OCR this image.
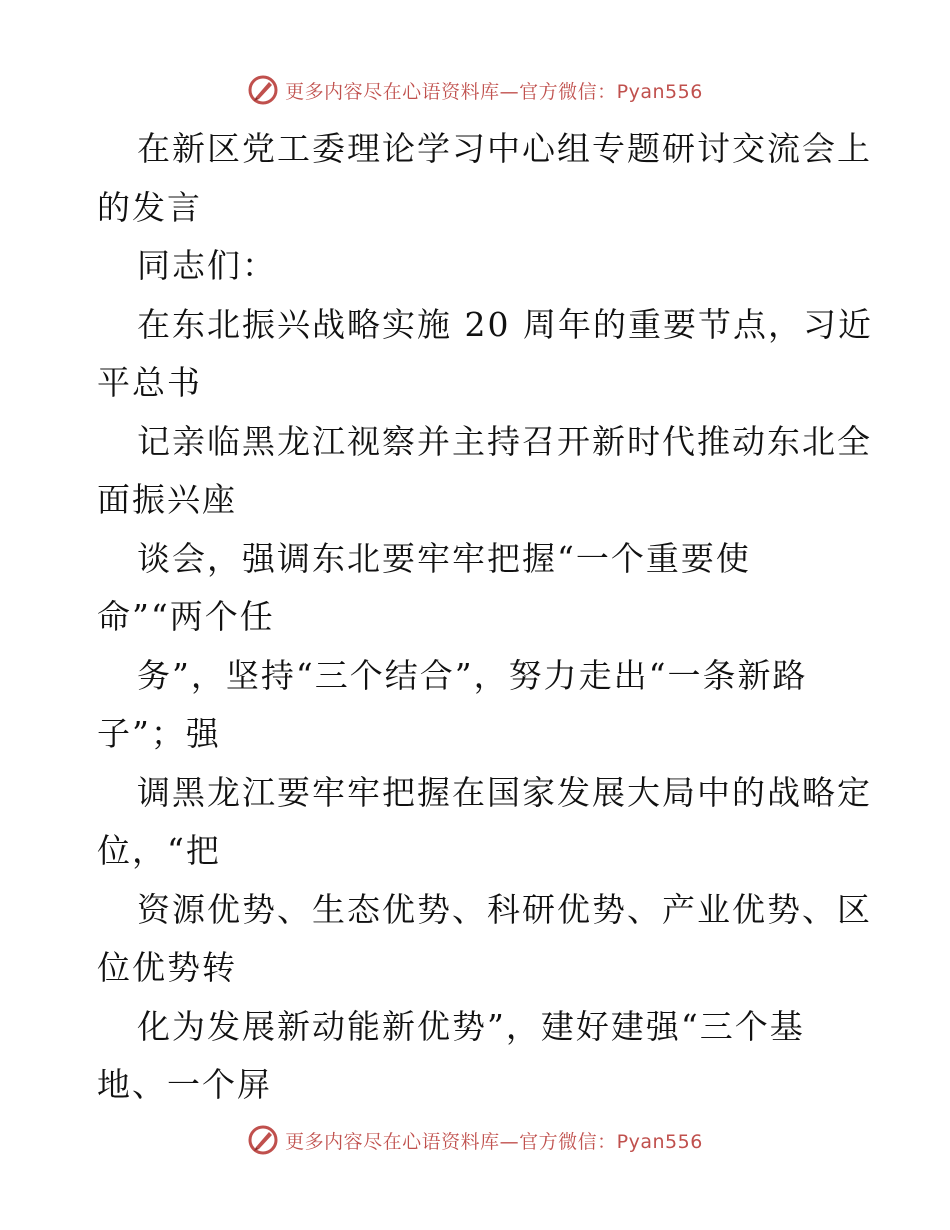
更多内容尽在心语资料库—官方微信：Pyan556
在新区党工委理论学习中心组专题研讨交流会上
的发言
同志们：
在东北振兴战略实施 20 周年的重要节点，习近
平总书
记亲临黑龙江视察并主持召开新时代推动东北全
面振兴座
谈会，强调东北要牢牢把握“一个重要使
命”“两个任
务”，坚持“三个结合”，努力走出“一条新路
子”；强
调黑龙江要牢牢把握在国家发展大局中的战略定
位，“把
资源优势、生态优势、科研优势、产业优势、区
位优势转
化为发展新动能新优势”，建好建强“三个基
地、一个屏
更多内容尽在心语资料库—官方微信：Pyan556
